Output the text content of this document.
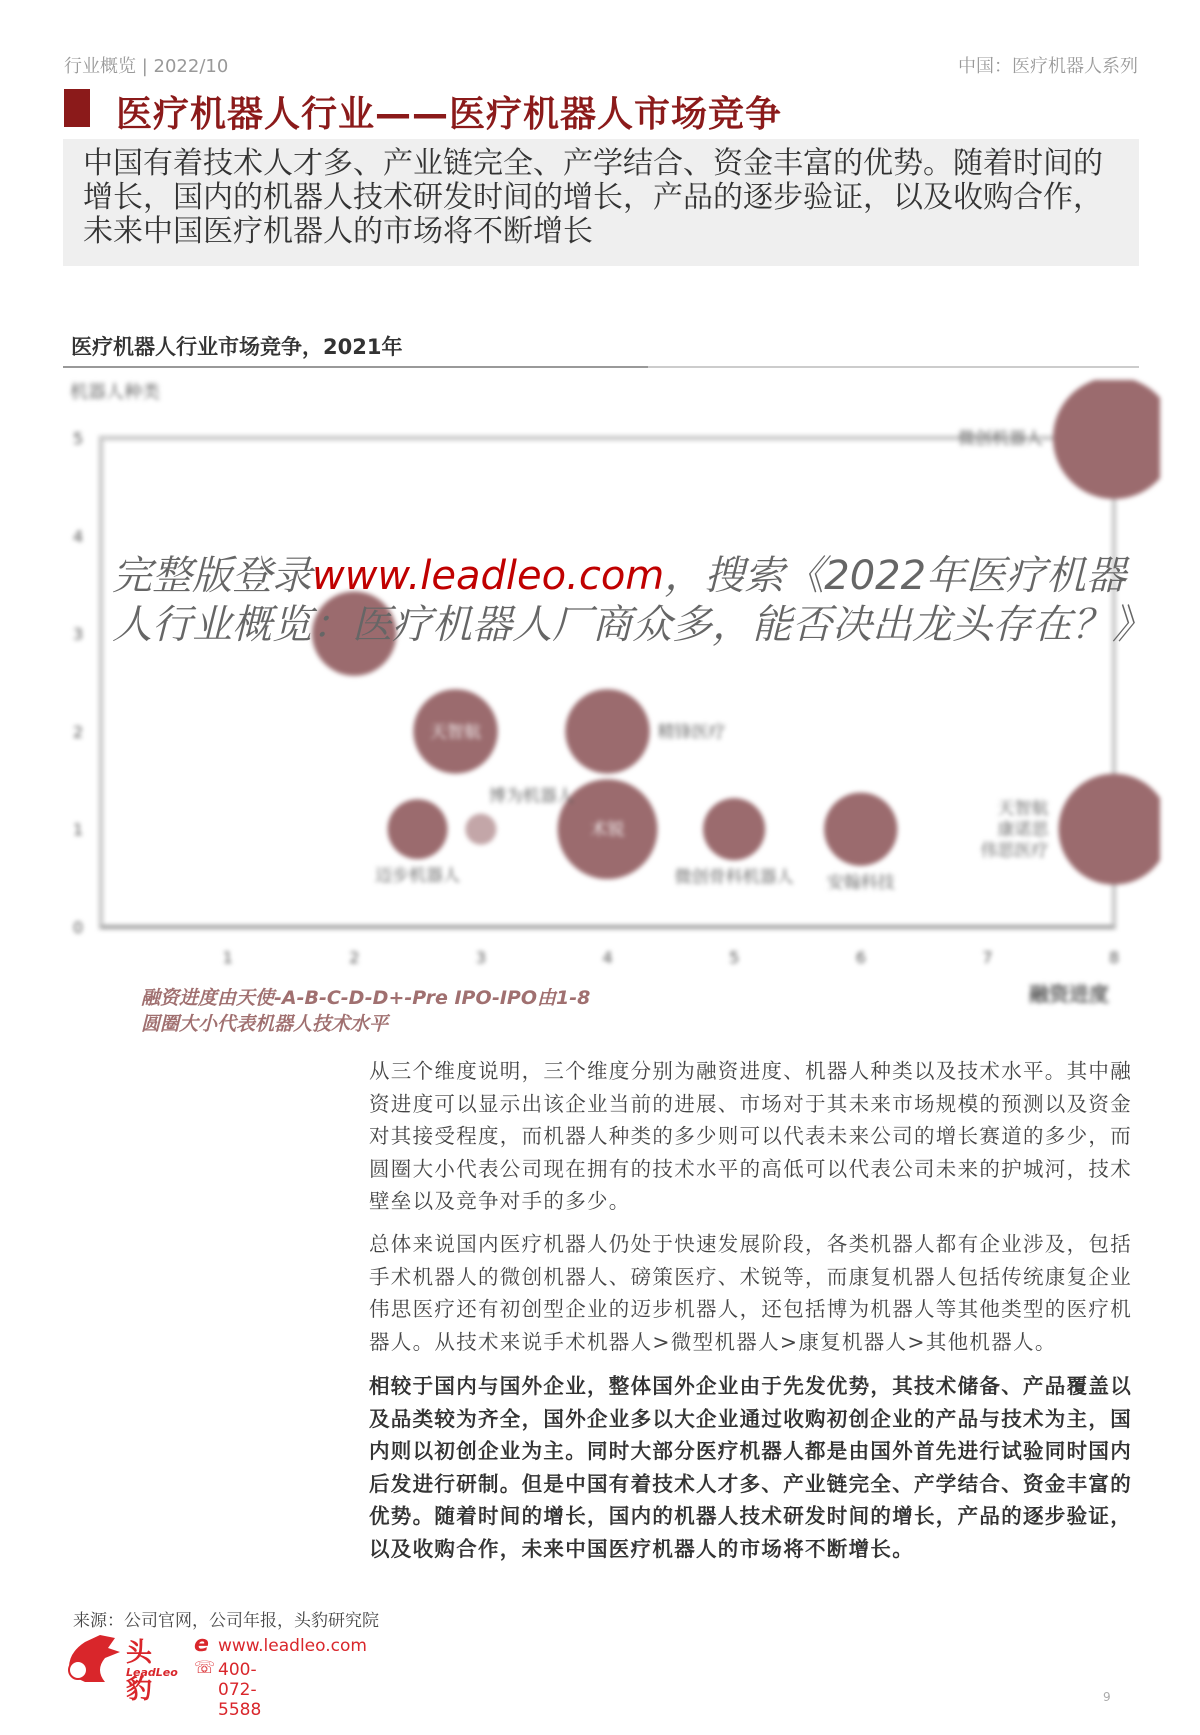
行业概览 | 2022/10	中国：医疗机器人系列
医疗机器人行业——医疗机器人市场竞争
中国有着技术人才多、产业链完全、产学结合、资金丰富的优势。随着时间的增长，国内的机器人技术研发时间的增长，产品的逐步验证，以及收购合作，未来中国医疗机器人的市场将不断增长
医疗机器人行业市场竞争，2021年
机器人种类
0
1
2
3
4
5
1	2	3	4	5	6	7	8
融资进度
微创机器人
天智航	精锋医疗
迈步机器人
博为机器人
术锐
微创骨科机器人 安翰科技
天智航康诺思伟思医疗
完整版登录www.leadleo.com，搜索《2022年医疗机器人行业概览：医疗机器人厂商众多，能否决出龙头存在？》
融资进度由天使-A-B-C-D-D+-Pre IPO-IPO由1-8
圆圈大小代表机器人技术水平
从三个维度说明，三个维度分别为融资进度、机器人种类以及技术水平。其中融资进度可以显示出该企业当前的进展、市场对于其未来市场规模的预测以及资金对其接受程度，而机器人种类的多少则可以代表未来公司的增长赛道的多少，而圆圈大小代表公司现在拥有的技术水平的高低可以代表公司未来的护城河，技术壁垒以及竞争对手的多少。
总体来说国内医疗机器人仍处于快速发展阶段，各类机器人都有企业涉及，包括手术机器人的微创机器人、磅策医疗、术锐等，而康复机器人包括传统康复企业伟思医疗还有初创型企业的迈步机器人，还包括博为机器人等其他类型的医疗机器人。从技术来说手术机器人>微型机器人>康复机器人>其他机器人。
相较于国内与国外企业，整体国外企业由于先发优势，其技术储备、产品覆盖以及品类较为齐全，国外企业多以大企业通过收购初创企业的产品与技术为主，国内则以初创企业为主。同时大部分医疗机器人都是由国外首先进行试验同时国内后发进行研制。但是中国有着技术人才多、产业链完全、产学结合、资金丰富的优势。随着时间的增长，国内的机器人技术研发时间的增长，产品的逐步验证，以及收购合作，未来中国医疗机器人的市场将不断增长。
来源：公司官网，公司年报，头豹研究院
头豹
LeadLeo
e www.leadleo.com
☏ 400-072-5588
9
